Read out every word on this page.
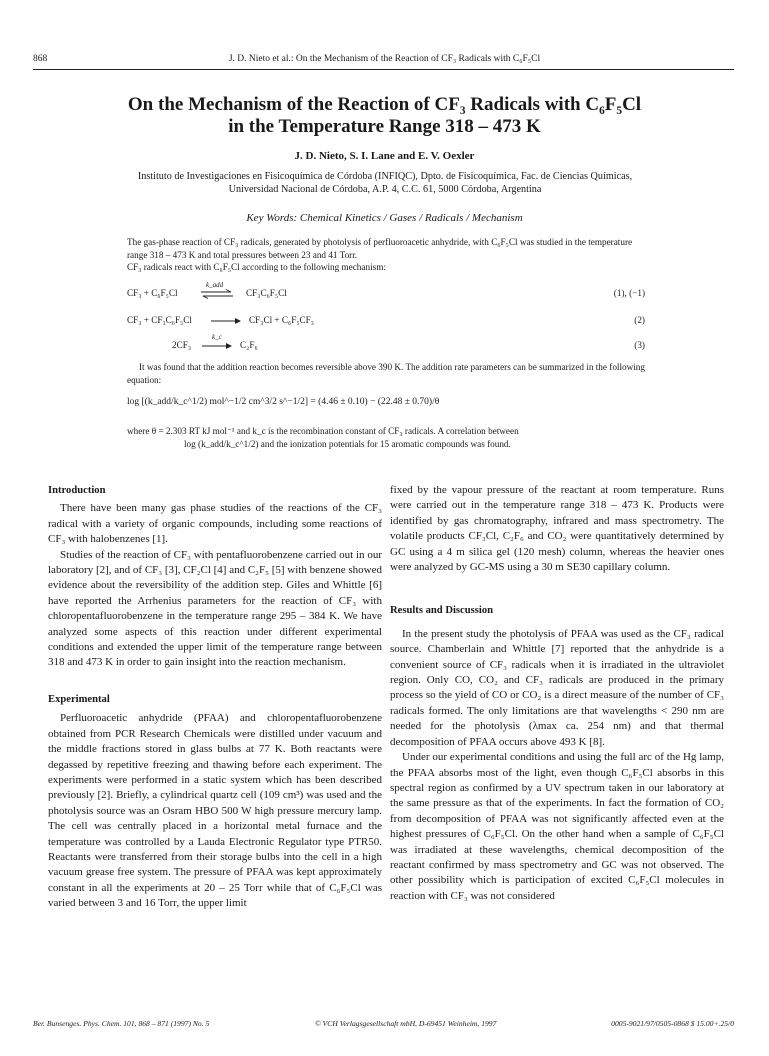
868	J. D. Nieto et al.: On the Mechanism of the Reaction of CF₃ Radicals with C₆F₅Cl
On the Mechanism of the Reaction of CF₃ Radicals with C₆F₅Cl
in the Temperature Range 318 – 473 K
J. D. Nieto, S. I. Lane and E. V. Oexler
Instituto de Investigaciones en Fisicoquímica de Córdoba (INFIQC), Dpto. de Fisicoquímica, Fac. de Ciencias Químicas,
Universidad Nacional de Córdoba, A.P. 4, C.C. 61, 5000 Córdoba, Argentina
Key Words: Chemical Kinetics / Gases / Radicals / Mechanism
The gas-phase reaction of CF₃ radicals, generated by photolysis of perfluoroacetic anhydride, with C₆F₅Cl was studied in the temperature range 318 – 473 K and total pressures between 23 and 41 Torr.
CF₃ radicals react with C₆F₅Cl according to the following mechanism:
CF₃ + C₆F₅Cl
k_add
⇌ CF₃C₆F₅Cl	(1), (−1)
CF₃ + CF₃C₆F₅Cl	CF₃Cl + C₆F₅CF₃	(2)
2CF₃
k_c
C₂F₆	(3)
It was found that the addition reaction becomes reversible above 390 K. The addition rate parameters can be summarized in the following equation:
log [(k_add/k_c^1/2) mol^−1/2 cm^3/2 s^−1/2] = (4.46 ± 0.10) − (22.48 ± 0.70)/θ
where θ = 2.303 RT kJ mol⁻¹ and k_c is the recombination constant of CF₃ radicals. A correlation between
log (k_add/k_c^1/2) and the ionization potentials for 15 aromatic compounds was found.

Introduction

There have been many gas phase studies of the reactions of the CF₃ radical with a variety of organic compounds, including some reactions of CF₃ with halobenzenes [1].

Studies of the reaction of CF₃ with pentafluorobenzene carried out in our laboratory [2], and of CF₃ [3], CF₂Cl [4] and C₂F₅ [5] with benzene showed evidence about the reversibility of the addition step. Giles and Whittle [6] have reported the Arrhenius parameters for the reaction of CF₃ with chloropentafluorobenzene in the temperature range 295 – 384 K. We have analyzed some aspects of this reaction under different experimental conditions and extended the upper limit of the temperature range between 318 and 473 K in order to gain insight into the reaction mechanism.

Experimental

Perfluoroacetic anhydride (PFAA) and chloropentafluorobenzene obtained from PCR Research Chemicals were distilled under vacuum and the middle fractions stored in glass bulbs at 77 K. Both reactants were degassed by repetitive freezing and thawing before each experiment. The experiments were performed in a static system which has been described previously [2]. Briefly, a cylindrical quartz cell (109 cm³) was used and the photolysis source was an Osram HBO 500 W high pressure mercury lamp. The cell was centrally placed in a horizontal metal furnace and the temperature was controlled by a Lauda Electronic Regulator type PTR50. Reactants were transferred from their storage bulbs into the cell in a high vacuum grease free system. The pressure of PFAA was kept approximately constant in all the experiments at 20 – 25 Torr while that of C₆F₅Cl was varied between 3 and 16 Torr, the upper limit

fixed by the vapour pressure of the reactant at room temperature. Runs were carried out in the temperature range 318 – 473 K. Products were identified by gas chromatography, infrared and mass spectrometry. The volatile products CF₃Cl, C₂F₆ and CO₂ were quantitatively determined by GC using a 4 m silica gel (120 mesh) column, whereas the heavier ones were analyzed by GC-MS using a 30 m SE30 capillary column.

Results and Discussion

In the present study the photolysis of PFAA was used as the CF₃ radical source. Chamberlain and Whittle [7] reported that the anhydride is a convenient source of CF₃ radicals when it is irradiated in the ultraviolet region. Only CO, CO₂ and CF₃ radicals are produced in the primary process so the yield of CO or CO₂ is a direct measure of the number of CF₃ radicals formed. The only limitations are that wavelengths < 290 nm are needed for the photolysis (λmax ca. 254 nm) and that thermal decomposition of PFAA occurs above 493 K [8].

Under our experimental conditions and using the full arc of the Hg lamp, the PFAA absorbs most of the light, even though C₆F₅Cl absorbs in this spectral region as confirmed by a UV spectrum taken in our laboratory at the same pressure as that of the experiments. In fact the formation of CO₂ from decomposition of PFAA was not significantly affected even at the highest pressures of C₆F₅Cl. On the other hand when a sample of C₆F₅Cl was irradiated at these wavelengths, chemical decomposition of the reactant confirmed by mass spectrometry and GC was not observed. The other possibility which is participation of excited C₆F₅Cl molecules in reaction with CF₃ was not considered

Ber. Bunsenges. Phys. Chem. 101, 868 – 871 (1997) No. 5	© VCH Verlagsgesellschaft mbH, D-69451 Weinheim, 1997	0005-9021/97/0505-0868 $ 15.00+.25/0
